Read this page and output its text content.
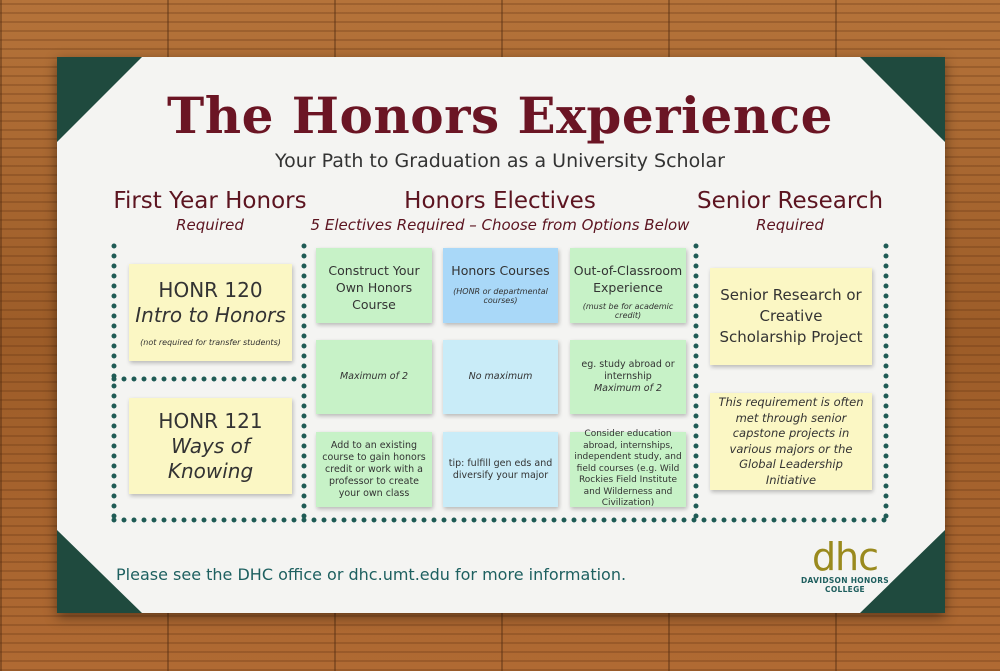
The Honors Experience
Your Path to Graduation as a University Scholar
First Year Honors
Required
Honors Electives
5 Electives Required – Choose from Options Below
Senior Research
Required
HONR 120
Intro to Honors
(not required for transfer students)
HONR 121
Ways of Knowing
Construct Your Own Honors Course
Honors Courses
(HONR or departmental courses)
Out-of-Classroom Experience
(must be for academic credit)
Maximum of 2	No maximum
eg. study abroad or internship
Maximum of 2
Add to an existing course to gain honors credit or work with a professor to create your own class
tip: fulfill gen eds and diversify your major
Consider education abroad, internships, independent study, and field courses (e.g. Wild Rockies Field Institute and Wilderness and Civilization)
Senior Research or Creative Scholarship Project
This requirement is often met through senior capstone projects in various majors or the Global Leadership Initiative
Please see the DHC office or dhc.umt.edu for more information.	dhc
DAVIDSON HONORS COLLEGE
